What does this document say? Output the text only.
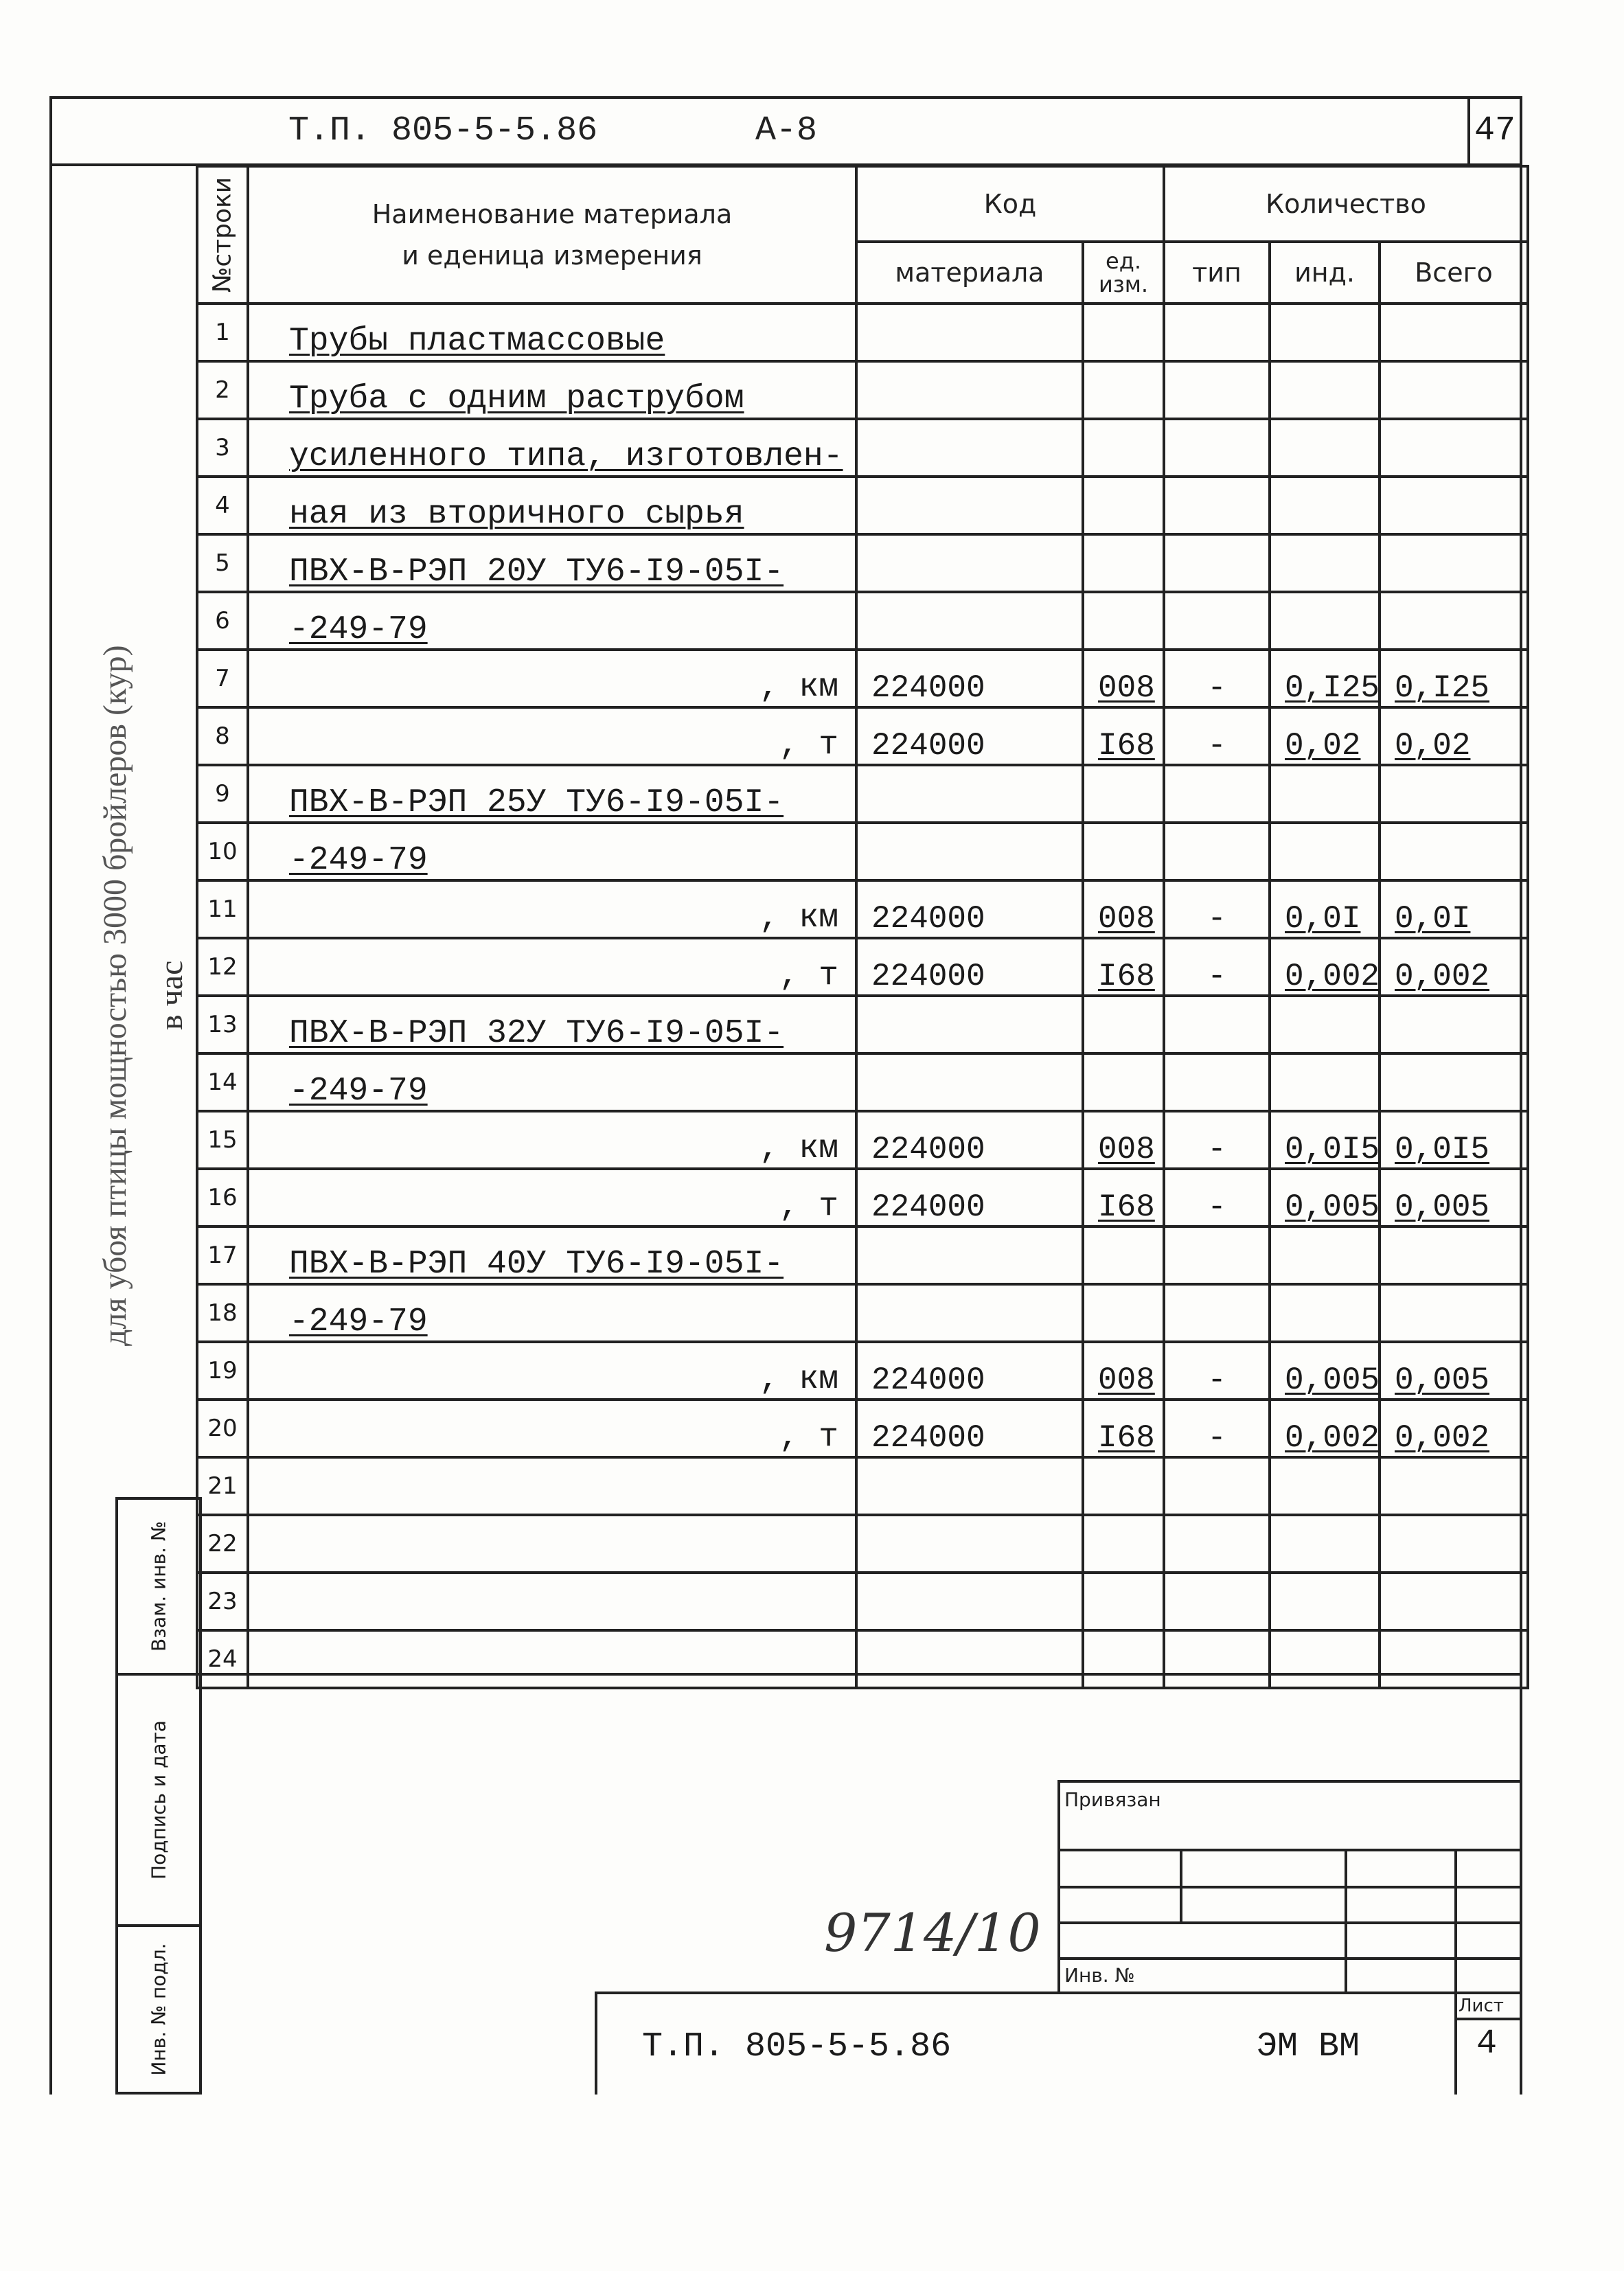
Т.П. 805-5-5.86	А-8	47
№строки	Наименование материала
и еденица измерения	Код		Количество		
		материала	ед. изм.	тип	инд.	Всего
1	Трубы пластмассовые					
2	Труба с одним раструбом					
3	усиленного типа, изготовлен-					
4	ная из вторичного сырья					
5	ПВХ-В-РЭП 20У ТУ6-I9-05I-					
6	-249-79					
7	, км	224000	008	-	0,I25	0,I25
8	, т	224000	I68	-	0,02	0,02
9	ПВХ-В-РЭП 25У ТУ6-I9-05I-					
10	-249-79					
11	, км	224000	008	-	0,0I	0,0I
12	, т	224000	I68	-	0,002	0,002
13	ПВХ-В-РЭП 32У ТУ6-I9-05I-					
14	-249-79					
15	, км	224000	008	-	0,0I5	0,0I5
16	, т	224000	I68	-	0,005	0,005
17	ПВХ-В-РЭП 40У ТУ6-I9-05I-					
18	-249-79					
19	, км	224000	008	-	0,005	0,005
20	, т	224000	I68	-	0,002	0,002
21						
22						
23						
24						
для убоя птицы мощностью 3000 бройлеров (кур) в час
Взам. инв. №
Подпись и дата
Инв. № подл.
Привязан
Инв. №
Т.П. 805-5-5.86	ЭМ ВМ
Лист
4
9714/10
